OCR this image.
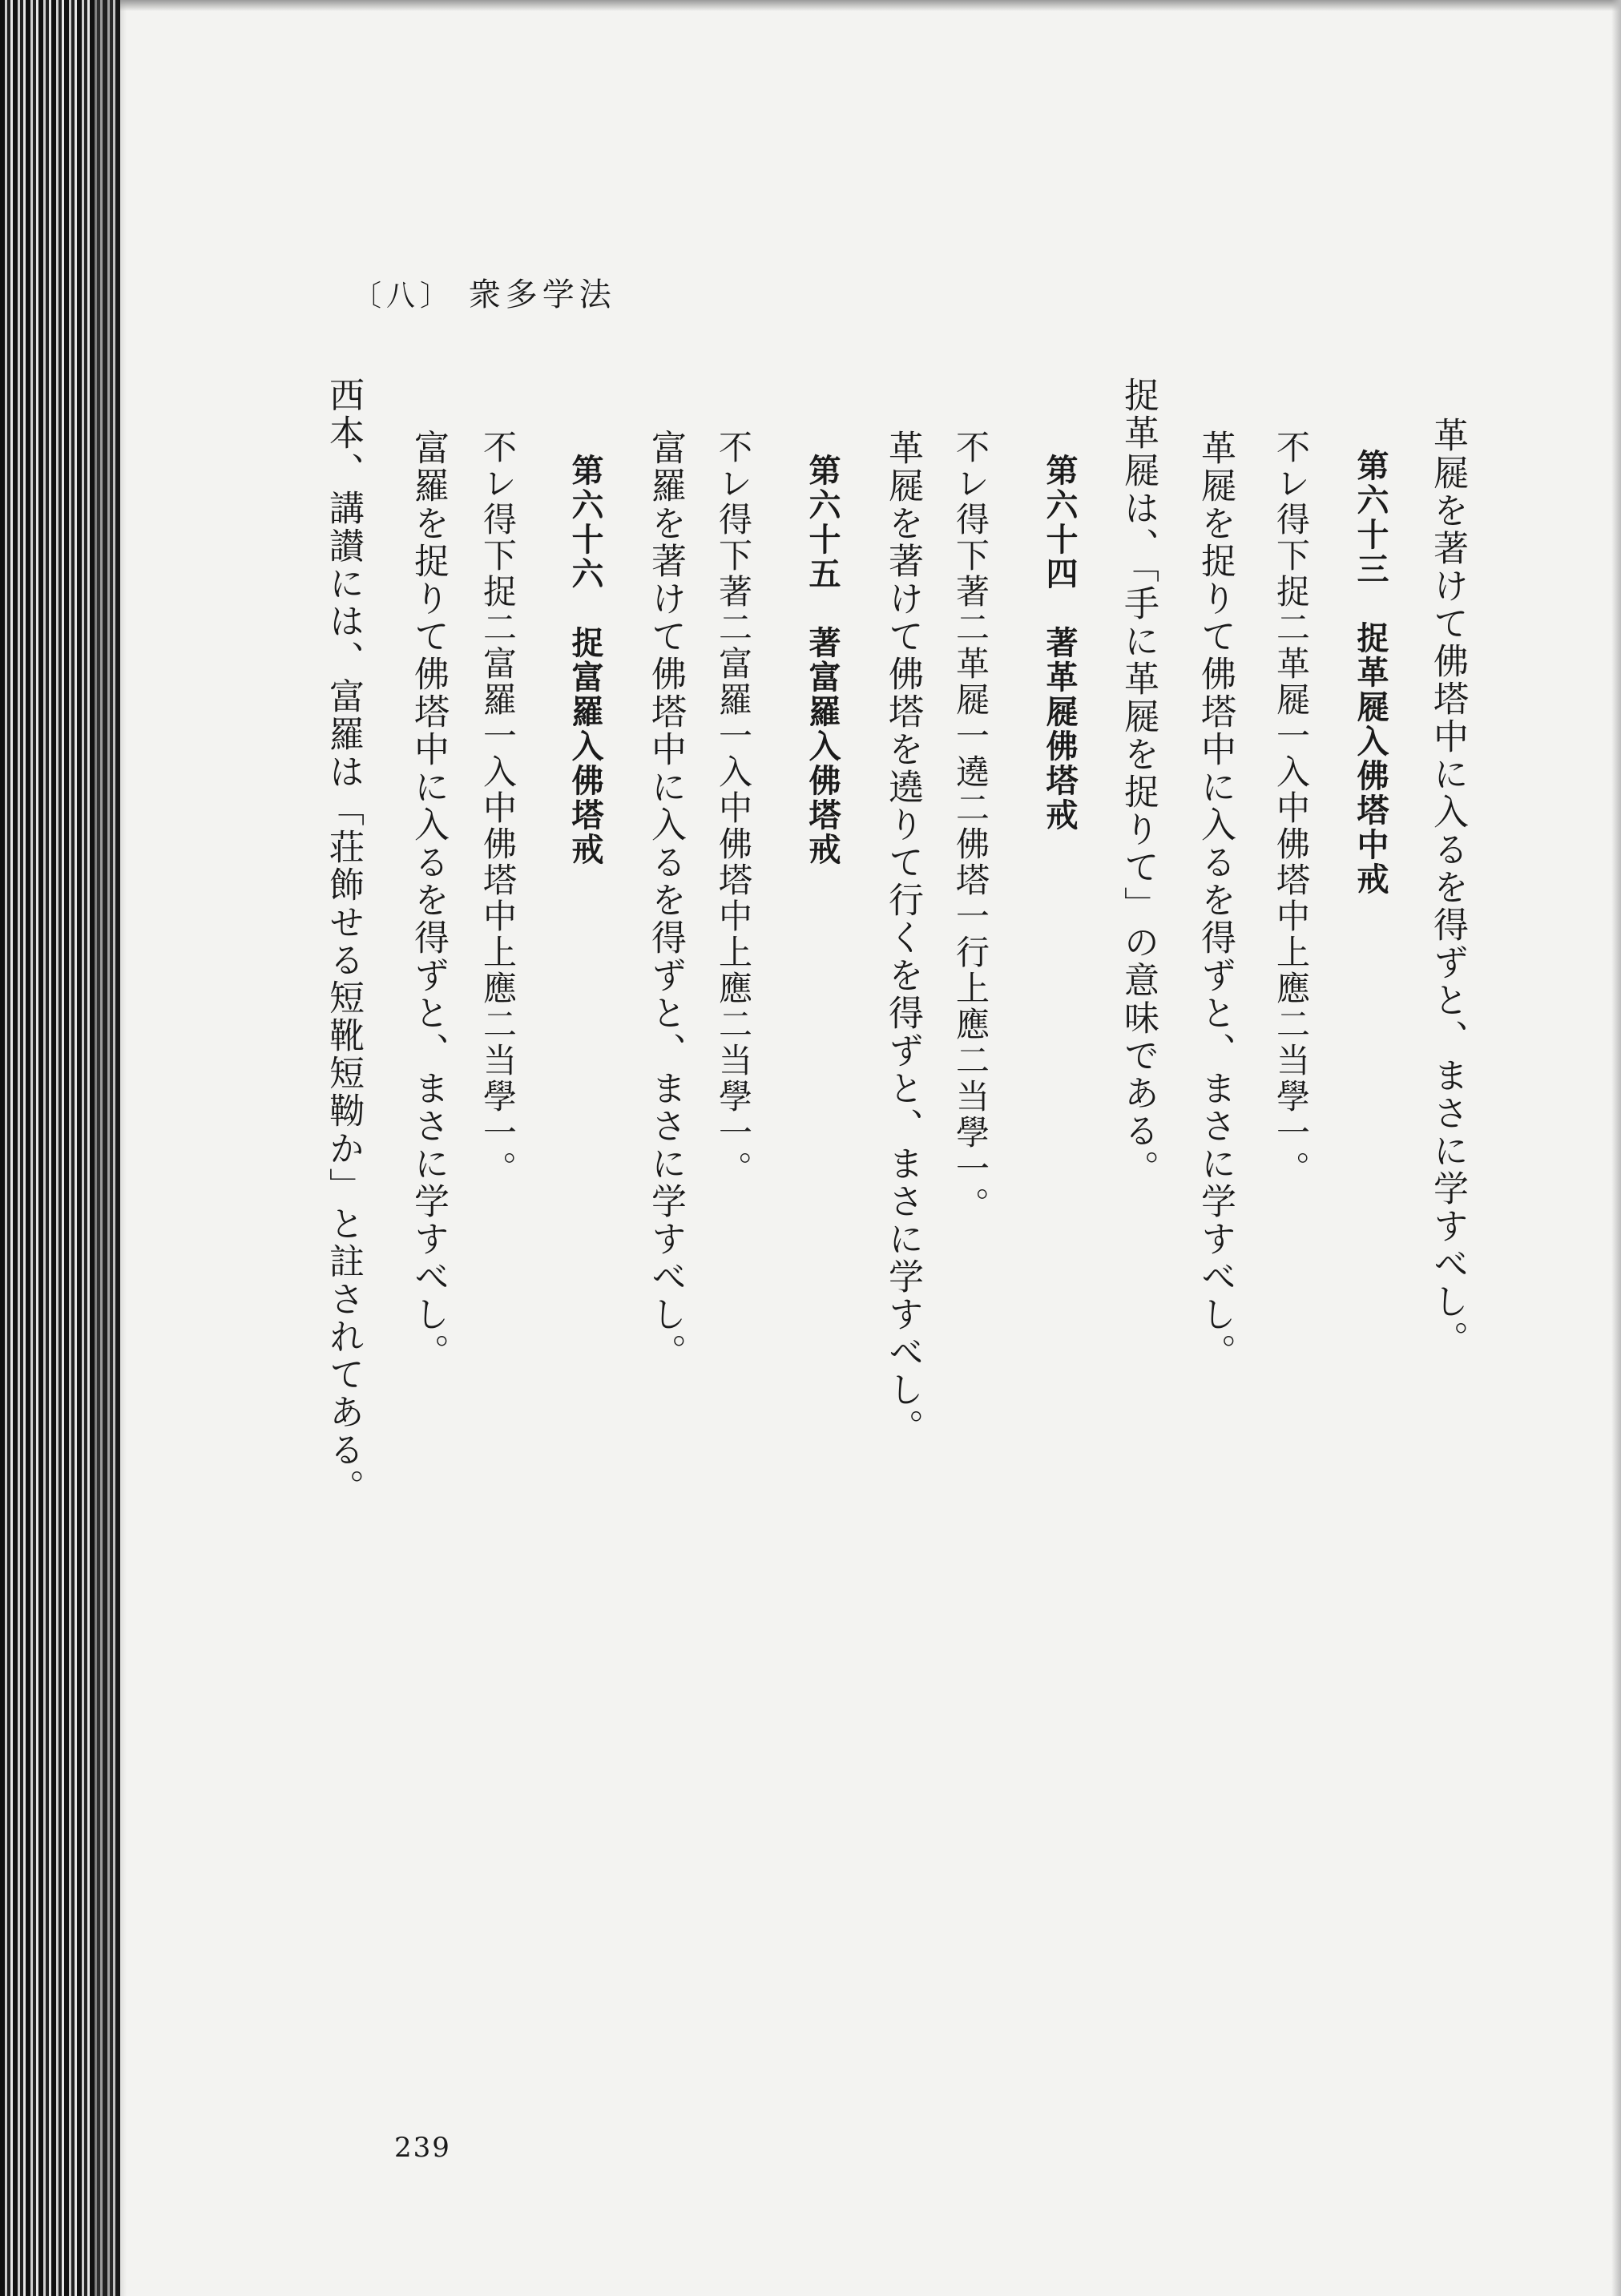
〔八〕 衆多学法
革屣を著けて佛塔中に入るを得ずと、まさに学すべし。
第六十三　捉革屣入佛塔中戒
不レ得下捉二革屣一入中佛塔中上應二当學一。
革屣を捉りて佛塔中に入るを得ずと、まさに学すべし。
捉革屣は、「手に革屣を捉りて」の意味である。
第六十四　著革屣佛塔戒
不レ得下著二革屣一遶二佛塔一行上應二当學一。
革屣を著けて佛塔を遶りて行くを得ずと、まさに学すべし。
第六十五　著富羅入佛塔戒
不レ得下著二富羅一入中佛塔中上應二当學一。
富羅を著けて佛塔中に入るを得ずと、まさに学すべし。
第六十六　捉富羅入佛塔戒
不レ得下捉二富羅一入中佛塔中上應二当學一。
富羅を捉りて佛塔中に入るを得ずと、まさに学すべし。
西本、講讃には、富羅は「荘飾せる短靴短靿か」と註されてある。
239
